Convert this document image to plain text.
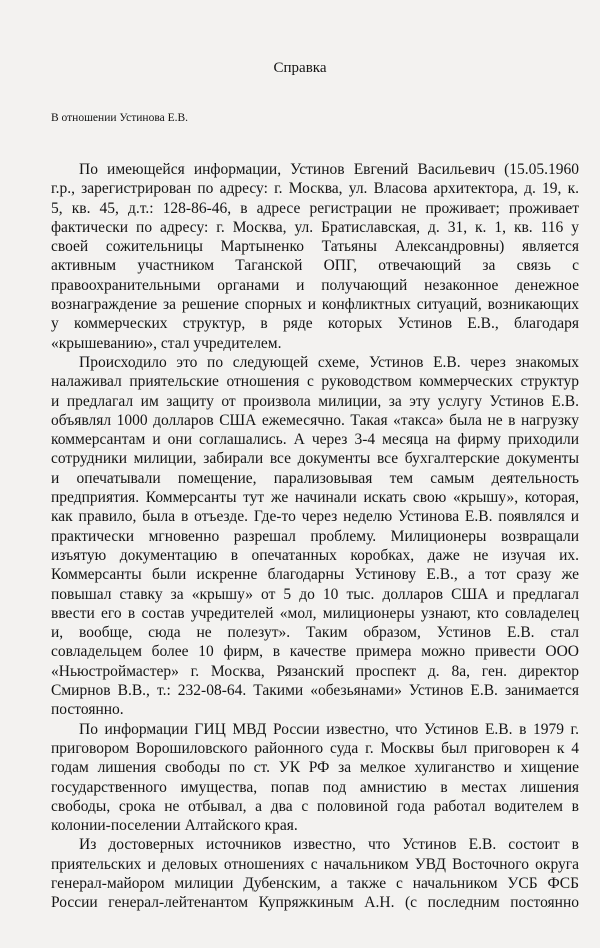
Справка
В отношении Устинова Е.В.
По имеющейся информации, Устинов Евгений Васильевич (15.05.1960
г.р., зарегистрирован по адресу: г. Москва, ул. Власова архитектора, д. 19, к.
5, кв. 45, д.т.: 128-86-46, в адресе регистрации не проживает; проживает
фактически по адресу: г. Москва, ул. Братиславская, д. 31, к. 1, кв. 116 у
своей сожительницы Мартыненко Татьяны Александровны) является
активным участником Таганской ОПГ, отвечающий за связь с
правоохранительными органами и получающий незаконное денежное
вознаграждение за решение спорных и конфликтных ситуаций, возникающих
у коммерческих структур, в ряде которых Устинов Е.В., благодаря
«крышеванию», стал учредителем.
Происходило это по следующей схеме, Устинов Е.В. через знакомых
налаживал приятельские отношения с руководством коммерческих структур
и предлагал им защиту от произвола милиции, за эту услугу Устинов Е.В.
объявлял 1000 долларов США ежемесячно. Такая «такса» была не в нагрузку
коммерсантам и они соглашались. А через 3-4 месяца на фирму приходили
сотрудники милиции, забирали все документы все бухгалтерские документы
и опечатывали помещение, парализовывая тем самым деятельность
предприятия. Коммерсанты тут же начинали искать свою «крышу», которая,
как правило, была в отъезде. Где-то через неделю Устинова Е.В. появлялся и
практически мгновенно разрешал проблему. Милиционеры возвращали
изъятую документацию в опечатанных коробках, даже не изучая их.
Коммерсанты были искренне благодарны Устинову Е.В., а тот сразу же
повышал ставку за «крышу» от 5 до 10 тыс. долларов США и предлагал
ввести его в состав учредителей «мол, милиционеры узнают, кто совладелец
и, вообще, сюда не полезут». Таким образом, Устинов Е.В. стал
совладельцем более 10 фирм, в качестве примера можно привести ООО
«Ньюстроймастер» г. Москва, Рязанский проспект д. 8а, ген. директор
Смирнов В.В., т.: 232-08-64. Такими «обезьянами» Устинов Е.В. занимается
постоянно.
По информации ГИЦ МВД России известно, что Устинов Е.В. в 1979 г.
приговором Ворошиловского районного суда г. Москвы был приговорен к 4
годам лишения свободы по ст. УК РФ за мелкое хулиганство и хищение
государственного имущества, попав под амнистию в местах лишения
свободы, срока не отбывал, а два с половиной года работал водителем в
колонии-поселении Алтайского края.
Из достоверных источников известно, что Устинов Е.В. состоит в
приятельских и деловых отношениях с начальником УВД Восточного округа
генерал-майором милиции Дубенским, а также с начальником УСБ ФСБ
России генерал-лейтенантом Купряжкиным А.Н. (с последним постоянно
